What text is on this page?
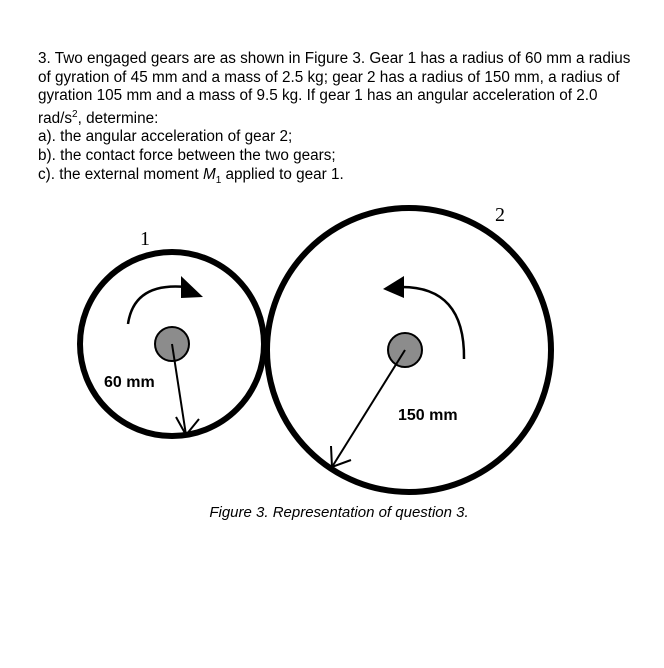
3. Two engaged gears are as shown in Figure 3. Gear 1 has a radius of 60 mm a radius of gyration of 45 mm and a mass of 2.5 kg; gear 2 has a radius of 150 mm, a radius of gyration 105 mm and a mass of 9.5 kg. If gear 1 has an angular acceleration of 2.0 rad/$s^2$, determine:

a). the angular acceleration of gear 2;

b). the contact force between the two gears;

c). the external moment $M_1$ applied to gear 1.

1
60 mm
2
150 mm
Figure 3. Representation of question 3.
